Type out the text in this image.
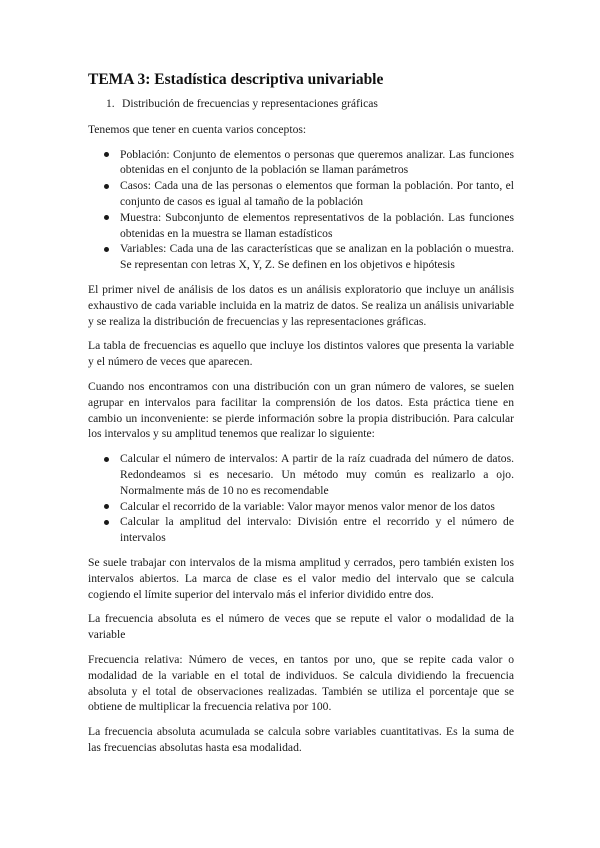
TEMA 3: Estadística descriptiva univariable
1. Distribución de frecuencias y representaciones gráficas

Tenemos que tener en cuenta varios conceptos:

Población: Conjunto de elementos o personas que queremos analizar. Las funciones obtenidas en el conjunto de la población se llaman parámetros
Casos: Cada una de las personas o elementos que forman la población. Por tanto, el conjunto de casos es igual al tamaño de la población
Muestra: Subconjunto de elementos representativos de la población. Las funciones obtenidas en la muestra se llaman estadísticos
Variables: Cada una de las características que se analizan en la población o muestra. Se representan con letras X, Y, Z. Se definen en los objetivos e hipótesis

El primer nivel de análisis de los datos es un análisis exploratorio que incluye un análisis exhaustivo de cada variable incluida en la matriz de datos. Se realiza un análisis univariable y se realiza la distribución de frecuencias y las representaciones gráficas.

La tabla de frecuencias es aquello que incluye los distintos valores que presenta la variable y el número de veces que aparecen.

Cuando nos encontramos con una distribución con un gran número de valores, se suelen agrupar en intervalos para facilitar la comprensión de los datos. Esta práctica tiene en cambio un inconveniente: se pierde información sobre la propia distribución. Para calcular los intervalos y su amplitud tenemos que realizar lo siguiente:

Calcular el número de intervalos: A partir de la raíz cuadrada del número de datos. Redondeamos si es necesario. Un método muy común es realizarlo a ojo. Normalmente más de 10 no es recomendable
Calcular el recorrido de la variable: Valor mayor menos valor menor de los datos
Calcular la amplitud del intervalo: División entre el recorrido y el número de intervalos

Se suele trabajar con intervalos de la misma amplitud y cerrados, pero también existen los intervalos abiertos. La marca de clase es el valor medio del intervalo que se calcula cogiendo el límite superior del intervalo más el inferior dividido entre dos.

La frecuencia absoluta es el número de veces que se repute el valor o modalidad de la variable

Frecuencia relativa: Número de veces, en tantos por uno, que se repite cada valor o modalidad de la variable en el total de individuos. Se calcula dividiendo la frecuencia absoluta y el total de observaciones realizadas. También se utiliza el porcentaje que se obtiene de multiplicar la frecuencia relativa por 100.

La frecuencia absoluta acumulada se calcula sobre variables cuantitativas. Es la suma de las frecuencias absolutas hasta esa modalidad.
